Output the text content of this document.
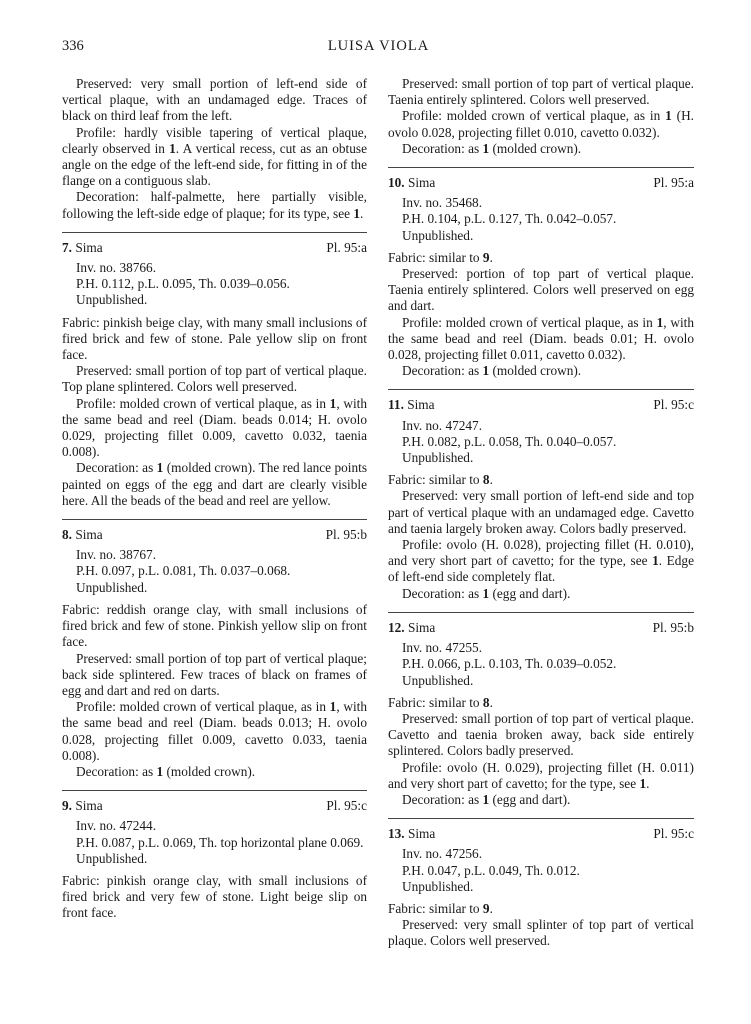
336	LUISA VIOLA

Preserved: very small portion of left-end side of vertical plaque, with an undamaged edge. Traces of black on third leaf from the left.

Profile: hardly visible tapering of vertical plaque, clearly observed in 1. A vertical recess, cut as an obtuse angle on the edge of the left-end side, for fitting in of the flange on a contiguous slab.

Decoration: half-palmette, here partially visible, following the left-side edge of plaque; for its type, see 1.

7. Sima	Pl. 95:a
Inv. no. 38766.
P.H. 0.112, p.L. 0.095, Th. 0.039–0.056.
Unpublished.

Fabric: pinkish beige clay, with many small inclusions of fired brick and few of stone. Pale yellow slip on front face.

Preserved: small portion of top part of vertical plaque. Top plane splintered. Colors well preserved.

Profile: molded crown of vertical plaque, as in 1, with the same bead and reel (Diam. beads 0.014; H. ovolo 0.029, projecting fillet 0.009, cavetto 0.032, taenia 0.008).

Decoration: as 1 (molded crown). The red lance points painted on eggs of the egg and dart are clearly visible here. All the beads of the bead and reel are yellow.

8. Sima	Pl. 95:b
Inv. no. 38767.
P.H. 0.097, p.L. 0.081, Th. 0.037–0.068.
Unpublished.

Fabric: reddish orange clay, with small inclusions of fired brick and few of stone. Pinkish yellow slip on front face.

Preserved: small portion of top part of vertical plaque; back side splintered. Few traces of black on frames of egg and dart and red on darts.

Profile: molded crown of vertical plaque, as in 1, with the same bead and reel (Diam. beads 0.013; H. ovolo 0.028, projecting fillet 0.009, cavetto 0.033, taenia 0.008).

Decoration: as 1 (molded crown).

9. Sima	Pl. 95:c
Inv. no. 47244.
P.H. 0.087, p.L. 0.069, Th. top horizontal plane 0.069.
Unpublished.

Fabric: pinkish orange clay, with small inclusions of fired brick and very few of stone. Light beige slip on front face.

Preserved: small portion of top part of vertical plaque. Taenia entirely splintered. Colors well preserved.

Profile: molded crown of vertical plaque, as in 1 (H. ovolo 0.028, projecting fillet 0.010, cavetto 0.032).

Decoration: as 1 (molded crown).

10. Sima	Pl. 95:a
Inv. no. 35468.
P.H. 0.104, p.L. 0.127, Th. 0.042–0.057.
Unpublished.

Fabric: similar to 9.

Preserved: portion of top part of vertical plaque. Taenia entirely splintered. Colors well preserved on egg and dart.

Profile: molded crown of vertical plaque, as in 1, with the same bead and reel (Diam. beads 0.01; H. ovolo 0.028, projecting fillet 0.011, cavetto 0.032).

Decoration: as 1 (molded crown).

11. Sima	Pl. 95:c
Inv. no. 47247.
P.H. 0.082, p.L. 0.058, Th. 0.040–0.057.
Unpublished.

Fabric: similar to 8.

Preserved: very small portion of left-end side and top part of vertical plaque with an undamaged edge. Cavetto and taenia largely broken away. Colors badly preserved.

Profile: ovolo (H. 0.028), projecting fillet (H. 0.010), and very short part of cavetto; for the type, see 1. Edge of left-end side completely flat.

Decoration: as 1 (egg and dart).

12. Sima	Pl. 95:b
Inv. no. 47255.
P.H. 0.066, p.L. 0.103, Th. 0.039–0.052.
Unpublished.

Fabric: similar to 8.

Preserved: small portion of top part of vertical plaque. Cavetto and taenia broken away, back side entirely splintered. Colors badly preserved.

Profile: ovolo (H. 0.029), projecting fillet (H. 0.011) and very short part of cavetto; for the type, see 1.

Decoration: as 1 (egg and dart).

13. Sima	Pl. 95:c
Inv. no. 47256.
P.H. 0.047, p.L. 0.049, Th. 0.012.
Unpublished.

Fabric: similar to 9.

Preserved: very small splinter of top part of vertical plaque. Colors well preserved.
